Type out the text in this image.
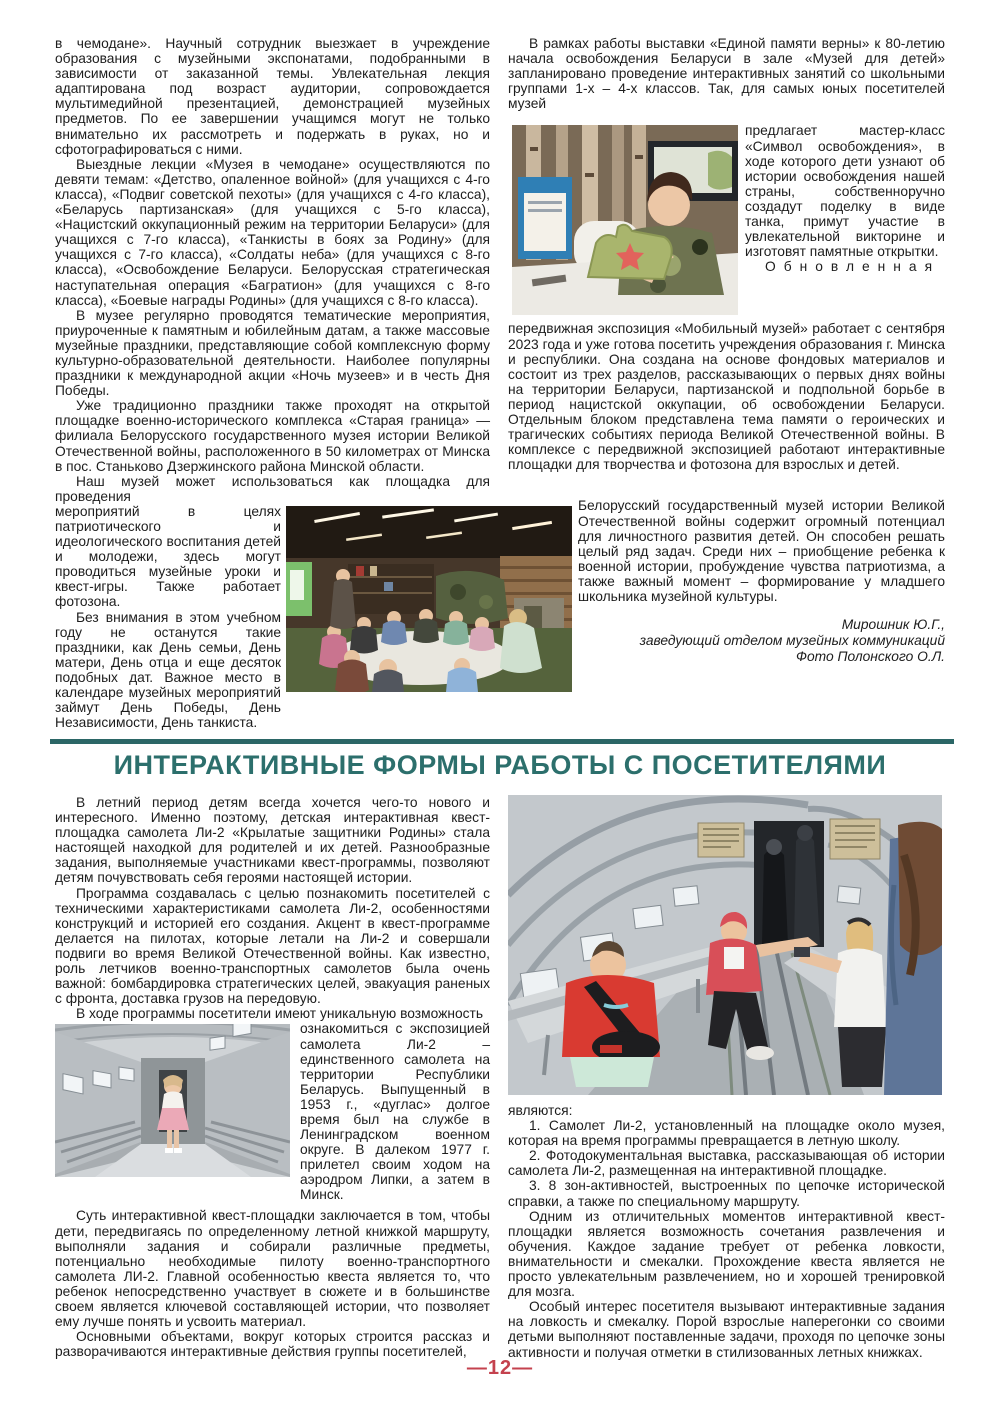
в чемодане». Научный сотрудник выезжает в учреждение образования с музейными экспонатами, подобранными в зависимости от заказанной темы. Увлекательная лекция адаптирована под возраст аудитории, сопровождается мультимедийной презентацией, демонстрацией музейных предметов. По ее завершении учащимся могут не только внимательно их рассмотреть и подержать в руках, но и сфотографироваться с ними.

Выездные лекции «Музея в чемодане» осуществляются по девяти темам: «Детство, опаленное войной» (для учащихся с 4-го класса), «Подвиг советской пехоты» (для учащихся с 4-го класса), «Беларусь партизанская» (для учащихся с 5-го класса), «Нацистский оккупационный режим на территории Беларуси» (для учащихся с 7-го класса), «Танкисты в боях за Родину» (для учащихся с 7-го класса), «Солдаты неба» (для учащихся с 8-го класса), «Освобождение Беларуси. Белорусская стратегическая наступательная операция «Багратион» (для учащихся с 8-го класса), «Боевые награды Родины» (для учащихся с 8-го класса).

В музее регулярно проводятся тематические мероприятия, приуроченные к памятным и юбилейным датам, а также массовые музейные праздники, представляющие собой комплексную форму культурно-образовательной деятельности. Наиболее популярны праздники к международной акции «Ночь музеев» и в честь Дня Победы.

Уже традиционно праздники также проходят на открытой площадке военно-исторического комплекса «Старая граница» — филиала Белорусского государственного музея истории Великой Отечественной войны, расположенного в 50 километрах от Минска в пос. Станьково Дзержинского района Минской области.

Наш музей может использоваться как площадка для проведения

мероприятий в целях патриотического и идеологического воспитания детей и молодежи, здесь могут проводиться музейные уроки и квест-игры. Также работает фотозона.

Без внимания в этом учебном году не останутся такие праздники, как День семьи, День матери, День отца и еще десяток подобных дат. Важное место в календаре музейных мероприятий займут День Победы, День Независимости, День танкиста.

В рамках работы выставки «Единой памяти верны» к 80-летию начала освобождения Беларуси в зале «Музей для детей» запланировано проведение интерактивных занятий со школьными группами 1-х – 4-х классов. Так, для самых юных посетителей музей

предлагает мастер-класс «Символ освобождения», в ходе которого дети узнают об истории освобождения нашей страны, собственноручно создадут поделку в виде танка, примут участие в увлекательной викторине и изготовят памятные открытки.

Обновленная

передвижная экспозиция «Мобильный музей» работает с сентября 2023 года и уже готова посетить учреждения образования г. Минска и республики. Она создана на основе фондовых материалов и состоит из трех разделов, рассказывающих о первых днях войны на территории Беларуси, партизанской и подпольной борьбе в период нацистской оккупации, об освобождении Беларуси. Отдельным блоком представлена тема памяти о героических и трагических событиях периода Великой Отечественной войны. В комплексе с передвижной экспозицией работают интерактивные площадки для творчества и фотозона для взрослых и детей.

Белорусский государственный музей истории Великой Отечественной войны содержит огромный потенциал для личностного развития детей. Он способен решать целый ряд задач. Среди них – приобщение ребенка к военной истории, пробуждение чувства патриотизма, а также важный момент – формирование у младшего школьника музейной культуры.

Мирошник Ю.Г.,
заведующий отделом музейных коммуникаций
Фото Полонского О.Л.
ИНТЕРАКТИВНЫЕ ФОРМЫ РАБОТЫ С ПОСЕТИТЕЛЯМИ

В летний период детям всегда хочется чего-то нового и интересного. Именно поэтому, детская интерактивная квест-площадка самолета Ли-2 «Крылатые защитники Родины» стала настоящей находкой для родителей и их детей. Разнообразные задания, выполняемые участниками квест-программы, позволяют детям почувствовать себя героями настоящей истории.

Программа создавалась с целью познакомить посетителей с техническими характеристиками самолета Ли-2, особенностями конструкций и историей его создания. Акцент в квест-программе делается на пилотах, которые летали на Ли-2 и совершали подвиги во время Великой Отечественной войны. Как известно, роль летчиков военно-транспортных самолетов была очень важной: бомбардировка стратегических целей, эвакуация раненых с фронта, доставка грузов на передовую.

В ходе программы посетители имеют уникальную возможность

ознакомиться с экспозицией самолета Ли-2 – единственного самолета на территории Республики Беларусь. Выпущенный в 1953 г., «дуглас» долгое время был на службе в Ленинградском военном округе. В далеком 1977 г. прилетел своим ходом на аэродром Липки, а затем в Минск.

Суть интерактивной квест-площадки заключается в том, чтобы дети, передвигаясь по определенному летной книжкой маршруту, выполняли задания и собирали различные предметы, потенциально необходимые пилоту военно-транспортного самолета ЛИ-2. Главной особенностью квеста является то, что ребенок непосредственно участвует в сюжете и в большинстве своем является ключевой составляющей истории, что позволяет ему лучше понять и усвоить материал.

Основными объектами, вокруг которых строится рассказ и разворачиваются интерактивные действия группы посетителей,

являются:

1. Самолет Ли-2, установленный на площадке около музея, которая на время программы превращается в летную школу.

2. Фотодокументальная выставка, рассказывающая об истории самолета Ли-2, размещенная на интерактивной площадке.

3. 8 зон-активностей, выстроенных по цепочке исторической справки, а также по специальному маршруту.

Одним из отличительных моментов интерактивной квест-площадки является возможность сочетания развлечения и обучения. Каждое задание требует от ребенка ловкости, внимательности и смекалки. Прохождение квеста является не просто увлекательным развлечением, но и хорошей тренировкой для мозга.

Особый интерес посетителя вызывают интерактивные задания на ловкость и смекалку. Порой взрослые наперегонки со своими детьми выполняют поставленные задачи, проходя по цепочке зоны активности и получая отметки в стилизованных летных книжках.

—12—
